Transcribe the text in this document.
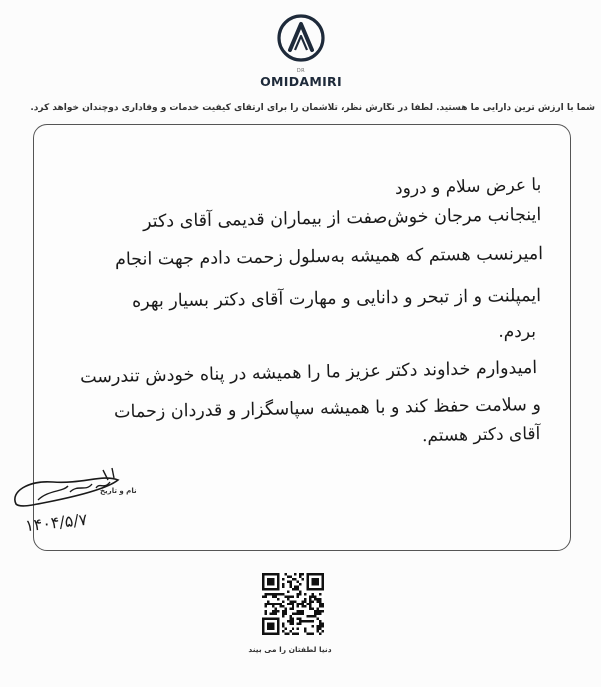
DR
OMIDAMIRI
شما با ارزش ترین دارایی ما هستید. لطفا در نگارش نظر، تلاشمان را برای ارتقای کیفیت خدمات و وفاداری دوچندان خواهد کرد.
با عرض سلام و درود
اینجانب مرجان خوش‌صفت از بیماران قدیمی آقای دکتر
امیرنسب هستم که همیشه به‌سلول زحمت دادم جهت انجام
ایمپلنت و از تبحر و دانایی و مهارت آقای دکتر بسیار بهره
بردم.
امیدوارم خداوند دکتر عزیز ما را همیشه در پناه خودش تندرست
و سلامت حفظ کند و با همیشه سپاسگزار و قدردان زحمات
آقای دکتر هستم.
نام و تاریخ
۱۴۰۴/۵/۷
دنیا لطفتان را می بیند
